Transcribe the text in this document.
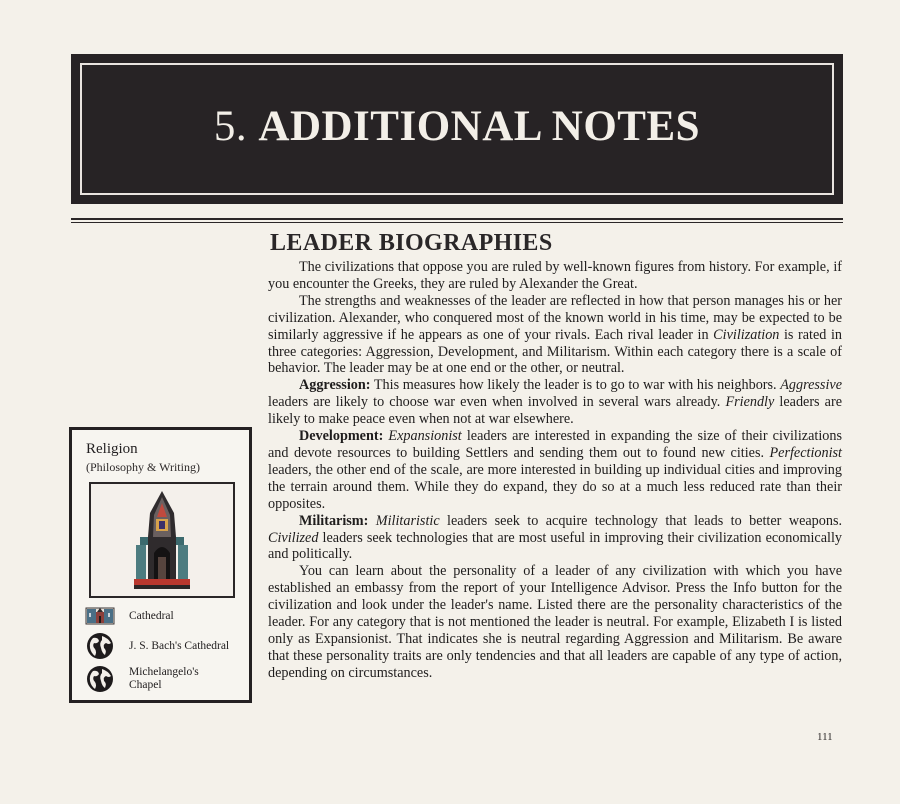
5. ADDITIONAL NOTES
LEADER BIOGRAPHIES

The civilizations that oppose you are ruled by well-known figures from history. For example, if you encounter the Greeks, they are ruled by Alexander the Great.

The strengths and weaknesses of the leader are reflected in how that person manages his or her civilization. Alexander, who conquered most of the known world in his time, may be expected to be similarly aggressive if he appears as one of your rivals. Each rival leader in Civilization is rated in three categories: Aggression, Development, and Militarism. Within each category there is a scale of behavior. The leader may be at one end or the other, or neutral.

Aggression: This measures how likely the leader is to go to war with his neighbors. Aggressive leaders are likely to choose war even when involved in several wars already. Friendly leaders are likely to make peace even when not at war elsewhere.

Development: Expansionist leaders are interested in expanding the size of their civilizations and devote resources to building Settlers and sending them out to found new cities. Perfectionist leaders, the other end of the scale, are more interested in building up individual cities and improving the terrain around them. While they do expand, they do so at a much less reduced rate than their opposites.

Militarism: Militaristic leaders seek to acquire technology that leads to better weapons. Civilized leaders seek technologies that are most useful in improving their civilization economically and politically.

You can learn about the personality of a leader of any civilization with which you have established an embassy from the report of your Intelligence Advisor. Press the Info button for the civilization and look under the leader's name. Listed there are the personality characteristics of the leader. For any category that is not mentioned the leader is neutral. For example, Elizabeth I is listed only as Expansionist. That indicates she is neutral regarding Aggression and Militarism. Be aware that these personality traits are only tendencies and that all leaders are capable of any type of action, depending on circumstances.

Religion
(Philosophy & Writing)
Cathedral
J. S. Bach's Cathedral
Michelangelo's Chapel
111
